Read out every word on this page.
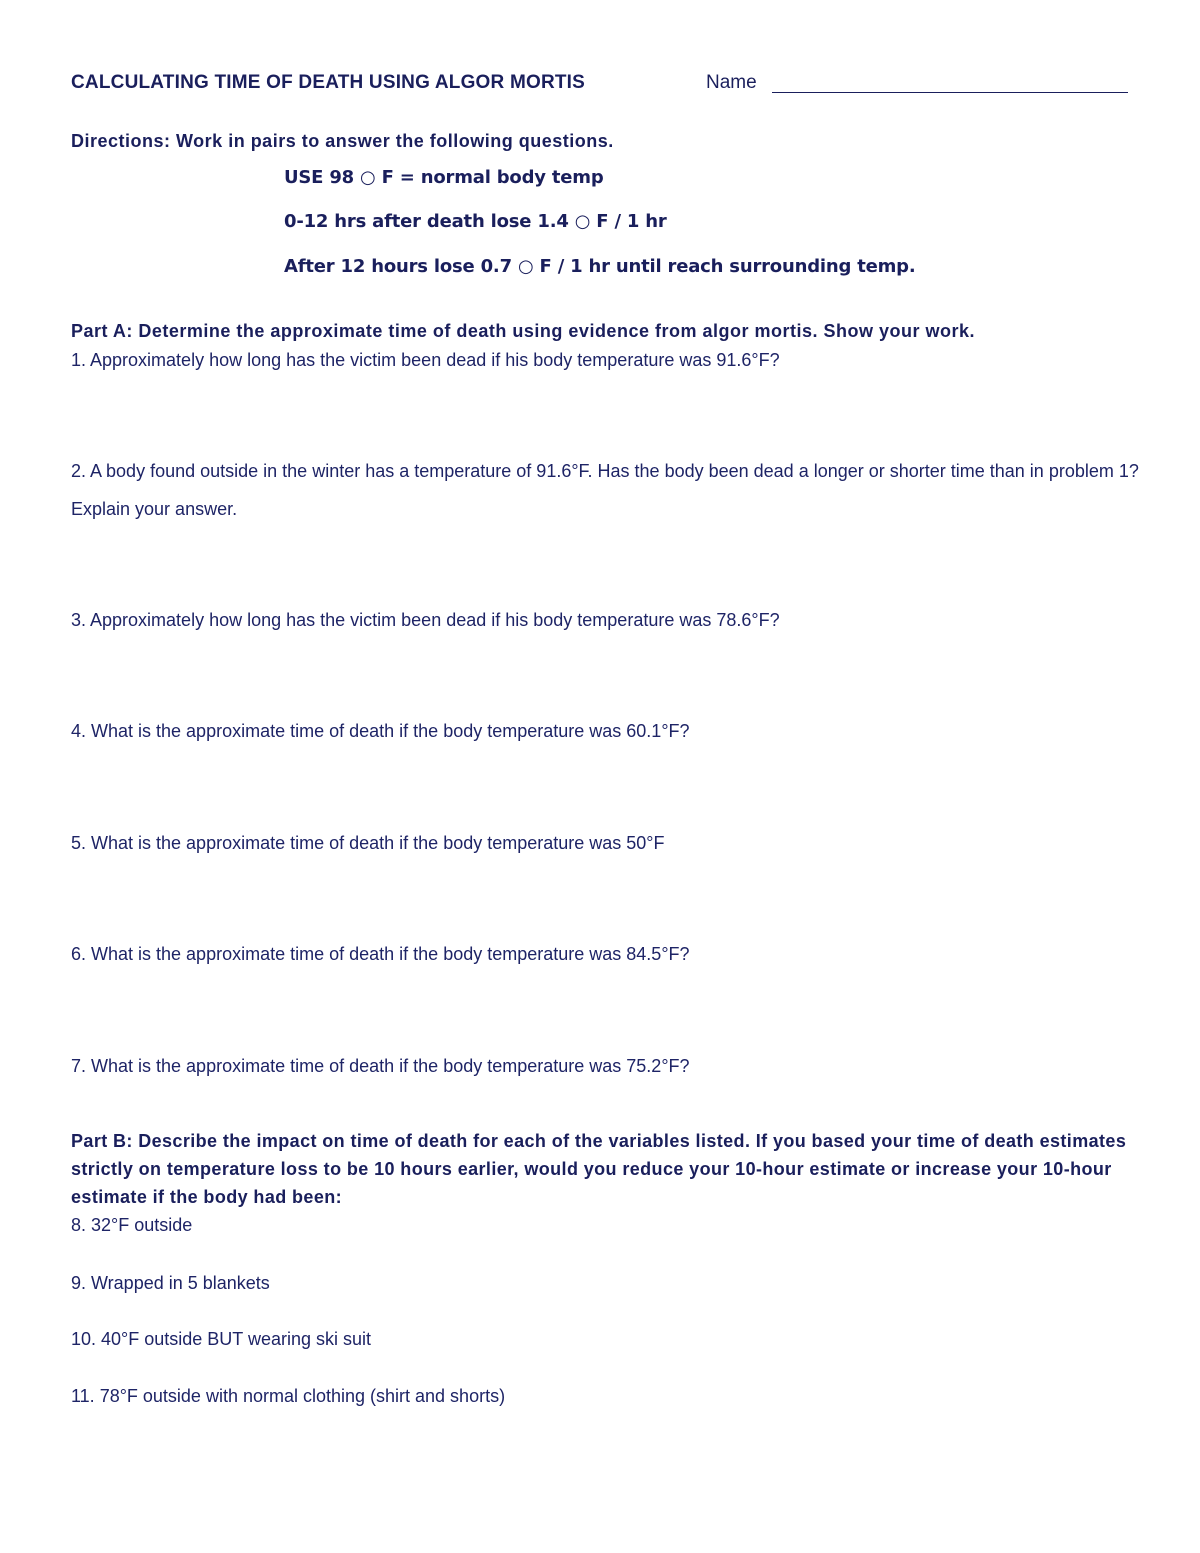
CALCULATING TIME OF DEATH USING ALGOR MORTIS	Name
Directions: Work in pairs to answer the following questions.
USE 98 ○ F = normal body temp
0-12 hrs after death lose 1.4 ○ F / 1 hr
After 12 hours lose 0.7 ○ F / 1 hr until reach surrounding temp.
Part A: Determine the approximate time of death using evidence from algor mortis. Show your work.
1. Approximately how long has the victim been dead if his body temperature was 91.6°F?
2. A body found outside in the winter has a temperature of 91.6°F. Has the body been dead a longer or shorter time than in problem 1? Explain your answer.
3. Approximately how long has the victim been dead if his body temperature was 78.6°F?
4. What is the approximate time of death if the body temperature was 60.1°F?
5. What is the approximate time of death if the body temperature was 50°F
6. What is the approximate time of death if the body temperature was 84.5°F?
7. What is the approximate time of death if the body temperature was 75.2°F?
Part B: Describe the impact on time of death for each of the variables listed. If you based your time of death estimates strictly on temperature loss to be 10 hours earlier, would you reduce your 10-hour estimate or increase your 10-hour estimate if the body had been:
8. 32°F outside
9. Wrapped in 5 blankets
10. 40°F outside BUT wearing ski suit
11. 78°F outside with normal clothing (shirt and shorts)
